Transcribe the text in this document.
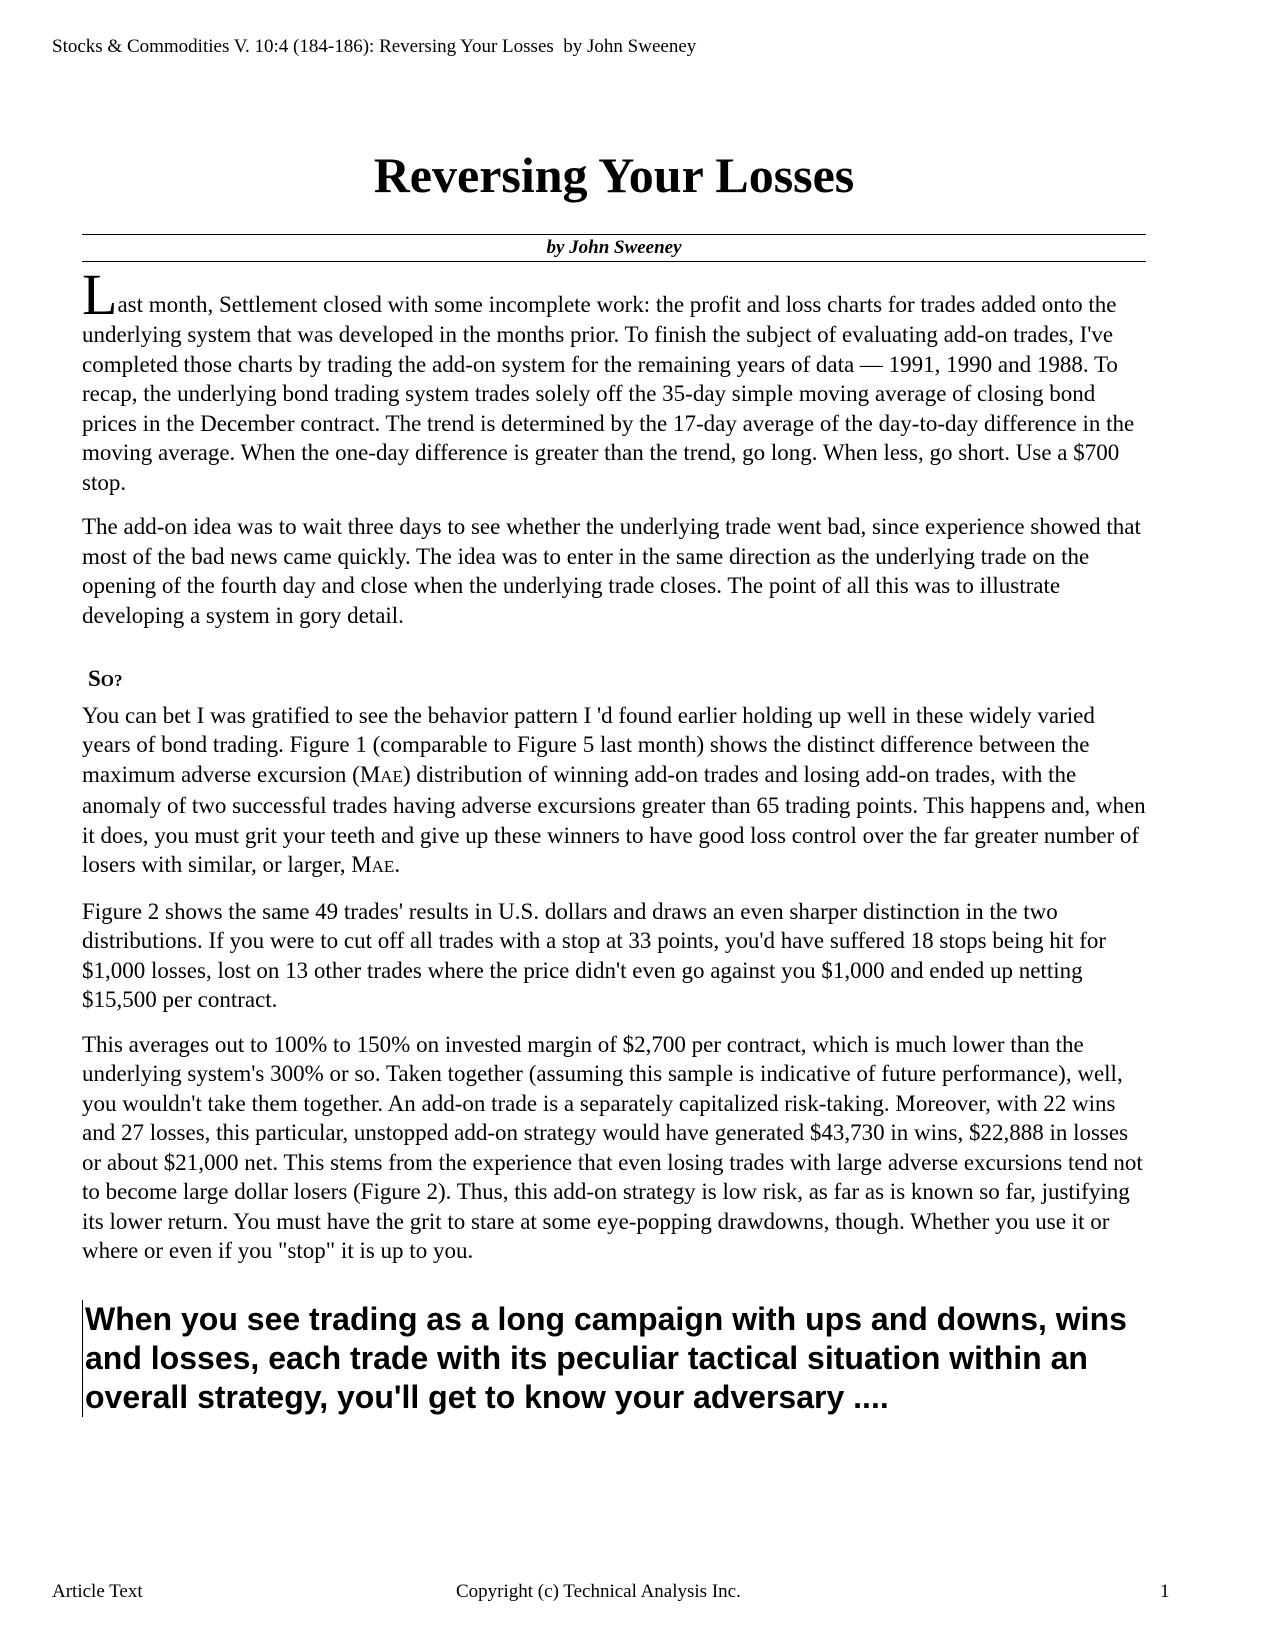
Stocks & Commodities V. 10:4 (184-186): Reversing Your Losses  by John Sweeney
Reversing Your Losses
by John Sweeney

Last month, Settlement closed with some incomplete work: the profit and loss charts for trades added onto the underlying system that was developed in the months prior. To finish the subject of evaluating add-on trades, I've completed those charts by trading the add-on system for the remaining years of data — 1991, 1990 and 1988. To recap, the underlying bond trading system trades solely off the 35-day simple moving average of closing bond prices in the December contract. The trend is determined by the 17-day average of the day-to-day difference in the moving average. When the one-day difference is greater than the trend, go long. When less, go short. Use a $700 stop.

The add-on idea was to wait three days to see whether the underlying trade went bad, since experience showed that most of the bad news came quickly. The idea was to enter in the same direction as the underlying trade on the opening of the fourth day and close when the underlying trade closes. The point of all this was to illustrate developing a system in gory detail.

SO?

You can bet I was gratified to see the behavior pattern I 'd found earlier holding up well in these widely varied years of bond trading. Figure 1 (comparable to Figure 5 last month) shows the distinct difference between the maximum adverse excursion (MAE) distribution of winning add-on trades and losing add-on trades, with the anomaly of two successful trades having adverse excursions greater than 65 trading points. This happens and, when it does, you must grit your teeth and give up these winners to have good loss control over the far greater number of losers with similar, or larger, MAE.

Figure 2 shows the same 49 trades' results in U.S. dollars and draws an even sharper distinction in the two distributions. If you were to cut off all trades with a stop at 33 points, you'd have suffered 18 stops being hit for $1,000 losses, lost on 13 other trades where the price didn't even go against you $1,000 and ended up netting $15,500 per contract.

This averages out to 100% to 150% on invested margin of $2,700 per contract, which is much lower than the underlying system's 300% or so. Taken together (assuming this sample is indicative of future performance), well, you wouldn't take them together. An add-on trade is a separately capitalized risk-taking. Moreover, with 22 wins and 27 losses, this particular, unstopped add-on strategy would have generated $43,730 in wins, $22,888 in losses or about $21,000 net. This stems from the experience that even losing trades with large adverse excursions tend not to become large dollar losers (Figure 2). Thus, this add-on strategy is low risk, as far as is known so far, justifying its lower return. You must have the grit to stare at some eye-popping drawdowns, though. Whether you use it or where or even if you "stop" it is up to you.

When you see trading as a long campaign with ups and downs, wins and losses, each trade with its peculiar tactical situation within an overall strategy, you'll get to know your adversary ....
Article Text	Copyright (c) Technical Analysis Inc.	1
